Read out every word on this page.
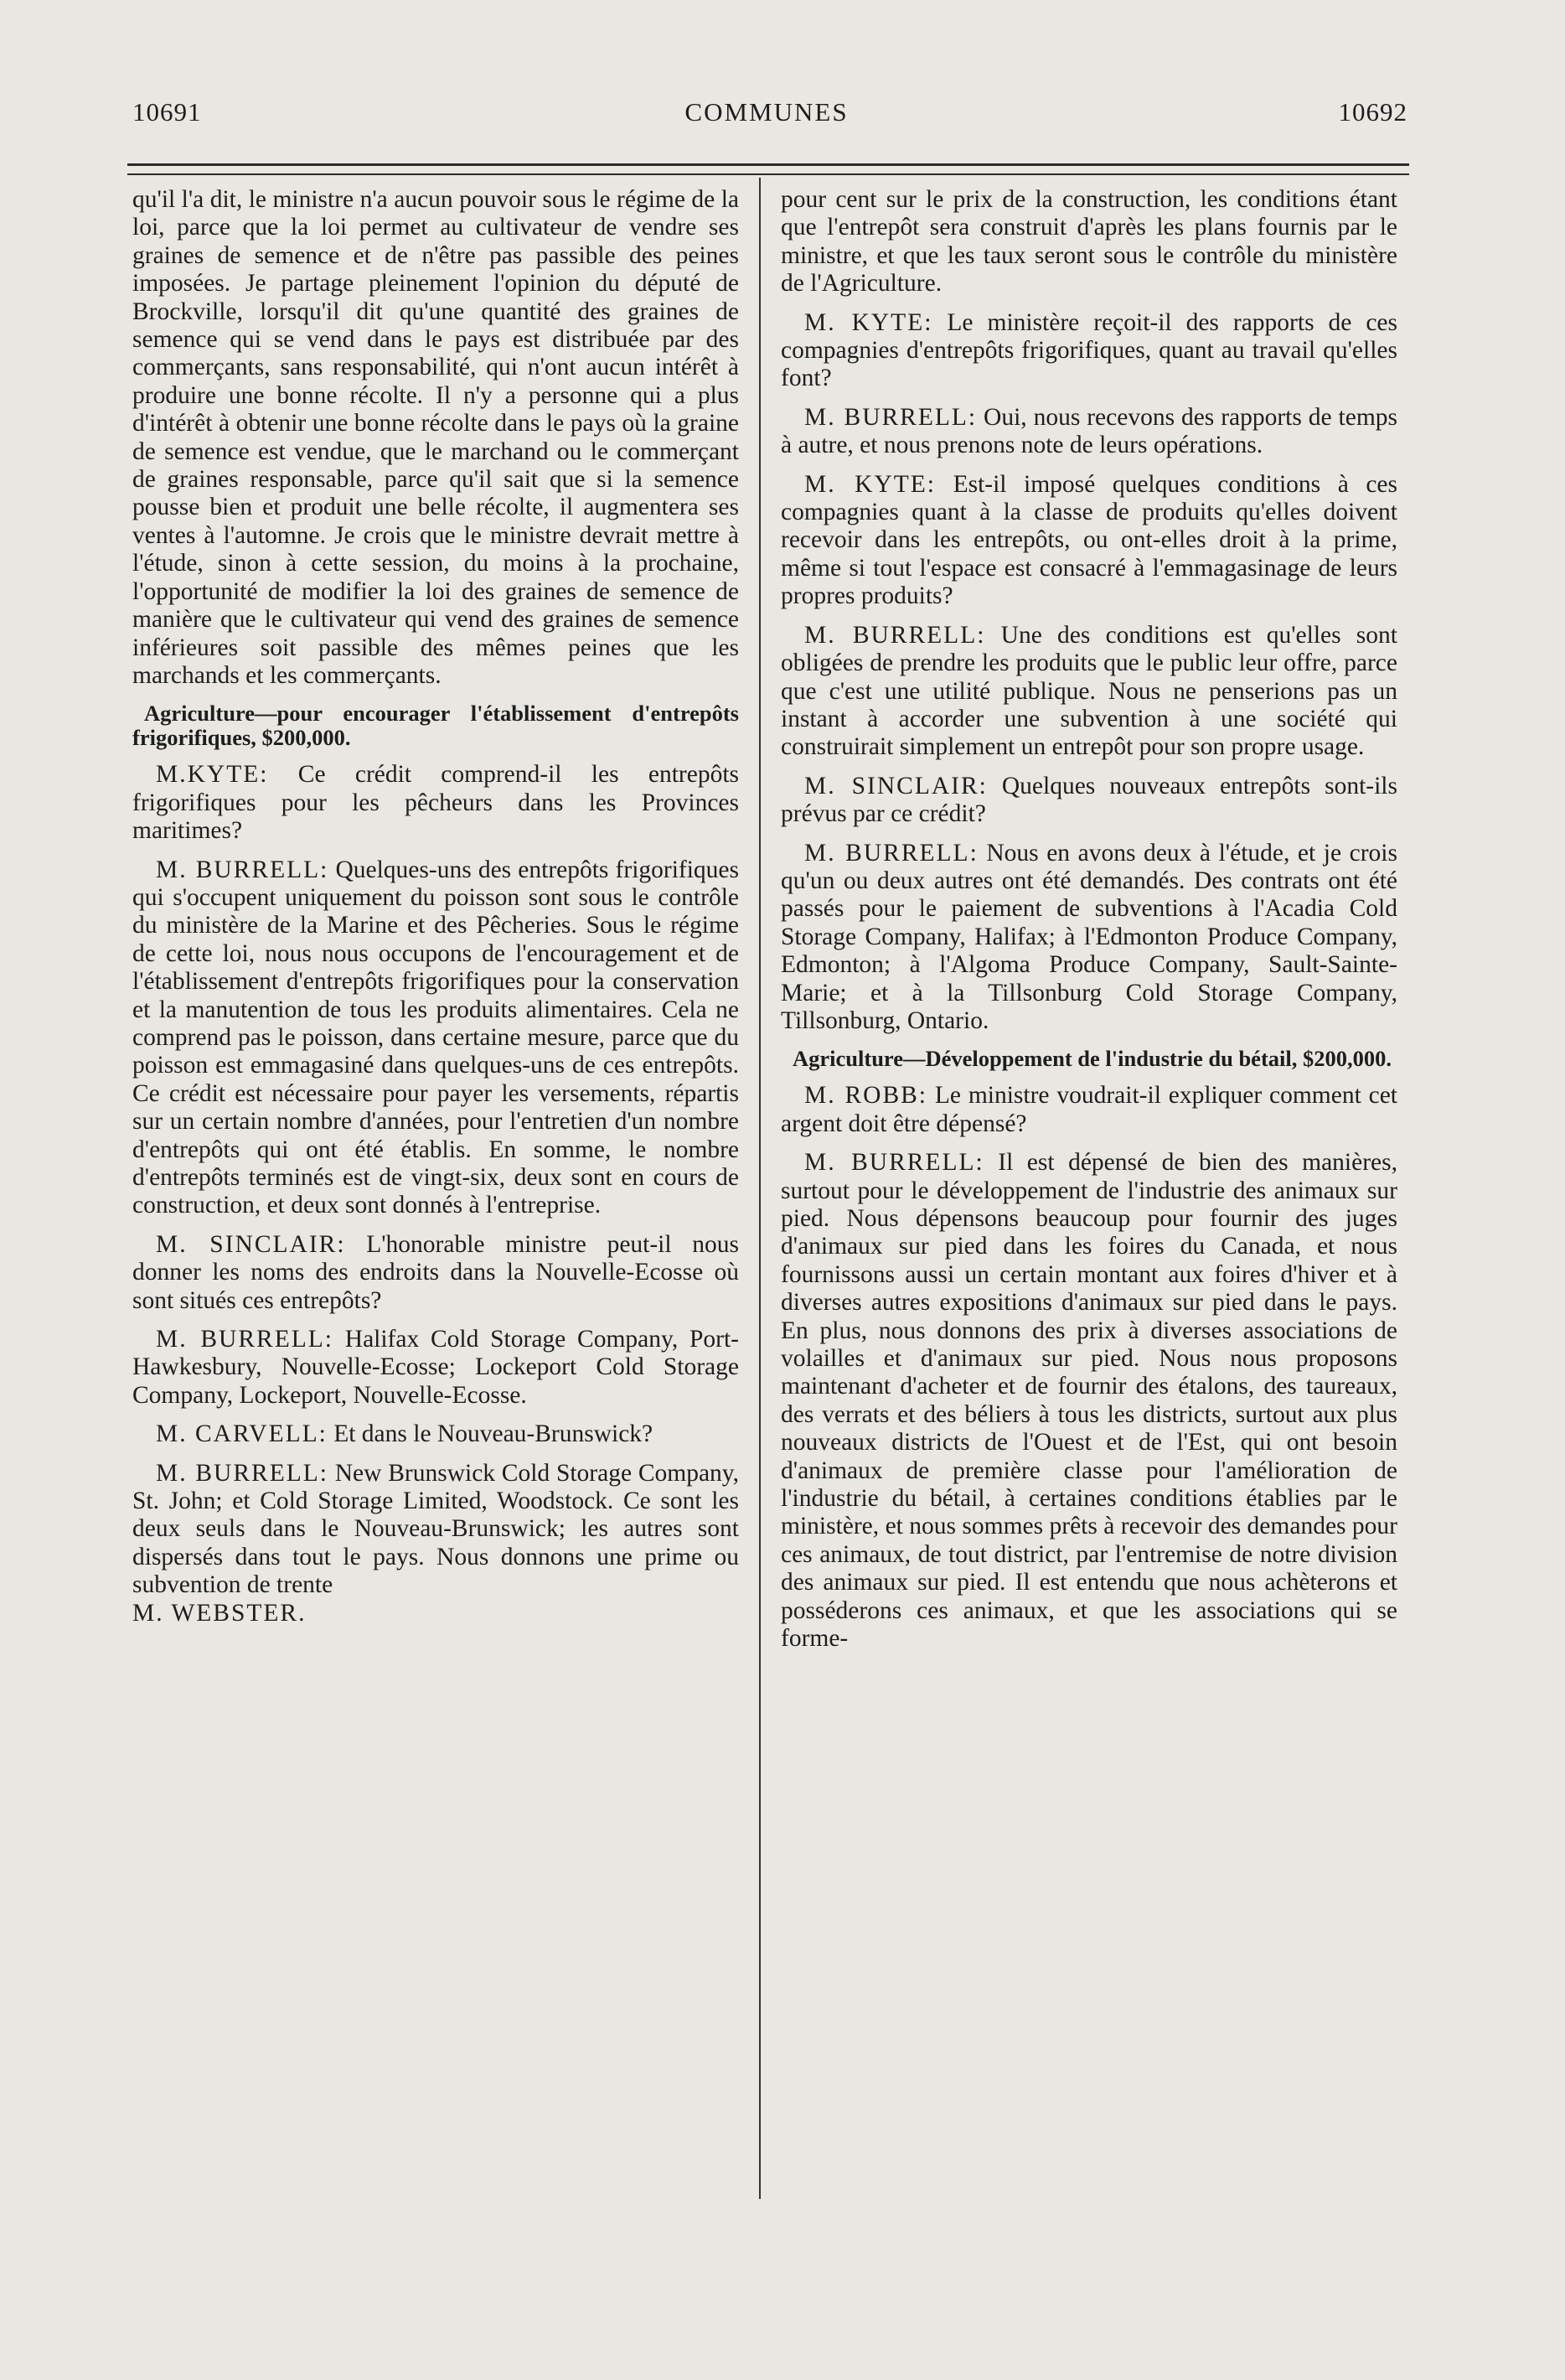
10691	COMMUNES	10692

qu'il l'a dit, le ministre n'a aucun pouvoir sous le régime de la loi, parce que la loi permet au cultivateur de vendre ses graines de semence et de n'être pas passible des peines imposées. Je partage pleinement l'opinion du député de Brockville, lorsqu'il dit qu'une quantité des graines de semence qui se vend dans le pays est distribuée par des commerçants, sans responsabilité, qui n'ont aucun intérêt à produire une bonne récolte. Il n'y a personne qui a plus d'intérêt à obtenir une bonne récolte dans le pays où la graine de semence est vendue, que le marchand ou le commerçant de graines responsable, parce qu'il sait que si la semence pousse bien et produit une belle récolte, il augmentera ses ventes à l'automne. Je crois que le ministre devrait mettre à l'étude, sinon à cette session, du moins à la prochaine, l'opportunité de modifier la loi des graines de semence de manière que le cultivateur qui vend des graines de semence inférieures soit passible des mêmes peines que les marchands et les commerçants.

Agriculture—pour encourager l'établissement d'entrepôts frigorifiques, $200,000.

M.KYTE: Ce crédit comprend-il les entrepôts frigorifiques pour les pêcheurs dans les Provinces maritimes?

M. BURRELL: Quelques-uns des entrepôts frigorifiques qui s'occupent uniquement du poisson sont sous le contrôle du ministère de la Marine et des Pêcheries. Sous le régime de cette loi, nous nous occupons de l'encouragement et de l'établissement d'entrepôts frigorifiques pour la conservation et la manutention de tous les produits alimentaires. Cela ne comprend pas le poisson, dans certaine mesure, parce que du poisson est emmagasiné dans quelques-uns de ces entrepôts. Ce crédit est nécessaire pour payer les versements, répartis sur un certain nombre d'années, pour l'entretien d'un nombre d'entrepôts qui ont été établis. En somme, le nombre d'entrepôts terminés est de vingt-six, deux sont en cours de construction, et deux sont donnés à l'entreprise.

M. SINCLAIR: L'honorable ministre peut-il nous donner les noms des endroits dans la Nouvelle-Ecosse où sont situés ces entrepôts?

M. BURRELL: Halifax Cold Storage Company, Port-Hawkesbury, Nouvelle-Ecosse; Lockeport Cold Storage Company, Lockeport, Nouvelle-Ecosse.

M. CARVELL: Et dans le Nouveau-Brunswick?

M. BURRELL: New Brunswick Cold Storage Company, St. John; et Cold Storage Limited, Woodstock. Ce sont les deux seuls dans le Nouveau-Brunswick; les autres sont dispersés dans tout le pays. Nous donnons une prime ou subvention de trente

M. WEBSTER.

pour cent sur le prix de la construction, les conditions étant que l'entrepôt sera construit d'après les plans fournis par le ministre, et que les taux seront sous le contrôle du ministère de l'Agriculture.

M. KYTE: Le ministère reçoit-il des rapports de ces compagnies d'entrepôts frigorifiques, quant au travail qu'elles font?

M. BURRELL: Oui, nous recevons des rapports de temps à autre, et nous prenons note de leurs opérations.

M. KYTE: Est-il imposé quelques conditions à ces compagnies quant à la classe de produits qu'elles doivent recevoir dans les entrepôts, ou ont-elles droit à la prime, même si tout l'espace est consacré à l'emmagasinage de leurs propres produits?

M. BURRELL: Une des conditions est qu'elles sont obligées de prendre les produits que le public leur offre, parce que c'est une utilité publique. Nous ne penserions pas un instant à accorder une subvention à une société qui construirait simplement un entrepôt pour son propre usage.

M. SINCLAIR: Quelques nouveaux entrepôts sont-ils prévus par ce crédit?

M. BURRELL: Nous en avons deux à l'étude, et je crois qu'un ou deux autres ont été demandés. Des contrats ont été passés pour le paiement de subventions à l'Acadia Cold Storage Company, Halifax; à l'Edmonton Produce Company, Edmonton; à l'Algoma Produce Company, Sault-Sainte-Marie; et à la Tillsonburg Cold Storage Company, Tillsonburg, Ontario.

Agriculture—Développement de l'industrie du bétail, $200,000.

M. ROBB: Le ministre voudrait-il expliquer comment cet argent doit être dépensé?

M. BURRELL: Il est dépensé de bien des manières, surtout pour le développement de l'industrie des animaux sur pied. Nous dépensons beaucoup pour fournir des juges d'animaux sur pied dans les foires du Canada, et nous fournissons aussi un certain montant aux foires d'hiver et à diverses autres expositions d'animaux sur pied dans le pays. En plus, nous donnons des prix à diverses associations de volailles et d'animaux sur pied. Nous nous proposons maintenant d'acheter et de fournir des étalons, des taureaux, des verrats et des béliers à tous les districts, surtout aux plus nouveaux districts de l'Ouest et de l'Est, qui ont besoin d'animaux de première classe pour l'amélioration de l'industrie du bétail, à certaines conditions établies par le ministère, et nous sommes prêts à recevoir des demandes pour ces animaux, de tout district, par l'entremise de notre division des animaux sur pied. Il est entendu que nous achèterons et posséderons ces animaux, et que les associations qui se forme-
